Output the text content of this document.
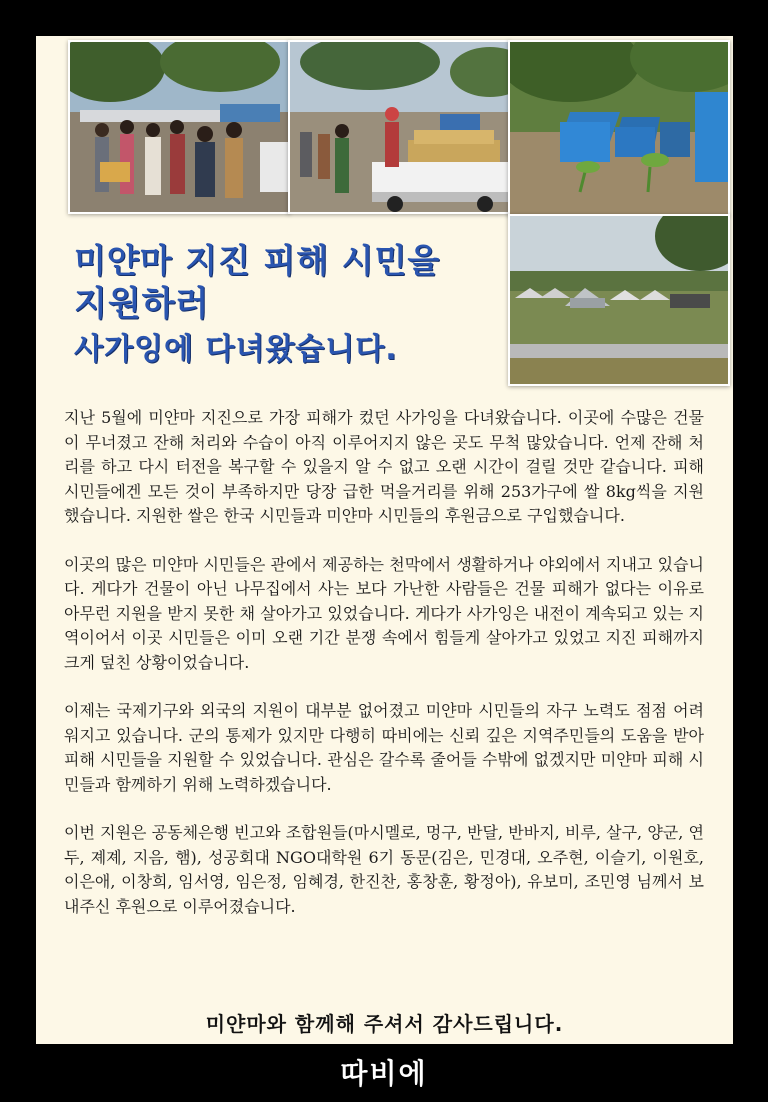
미얀마 지진 피해 시민을
지원하러
사가잉에 다녀왔습니다.

지난 5월에 미얀마 지진으로 가장 피해가 컸던 사가잉을 다녀왔습니다. 이곳에 수많은 건물이 무너졌고 잔해 처리와 수습이 아직 이루어지지 않은 곳도 무척 많았습니다. 언제 잔해 처리를 하고 다시 터전을 복구할 수 있을지 알 수 없고 오랜 시간이 걸릴 것만 같습니다. 피해 시민들에겐 모든 것이 부족하지만 당장 급한 먹을거리를 위해 253가구에 쌀 8kg씩을 지원했습니다. 지원한 쌀은 한국 시민들과 미얀마 시민들의 후원금으로 구입했습니다.

이곳의 많은 미얀마 시민들은 관에서 제공하는 천막에서 생활하거나 야외에서 지내고 있습니다. 게다가 건물이 아닌 나무집에서 사는 보다 가난한 사람들은 건물 피해가 없다는 이유로 아무런 지원을 받지 못한 채 살아가고 있었습니다. 게다가 사가잉은 내전이 계속되고 있는 지역이어서 이곳 시민들은 이미 오랜 기간 분쟁 속에서 힘들게 살아가고 있었고 지진 피해까지 크게 덮친 상황이었습니다.

이제는 국제기구와 외국의 지원이 대부분 없어졌고 미얀마 시민들의 자구 노력도 점점 어려워지고 있습니다. 군의 통제가 있지만 다행히 따비에는 신뢰 깊은 지역주민들의 도움을 받아 피해 시민들을 지원할 수 있었습니다. 관심은 갈수록 줄어들 수밖에 없겠지만 미얀마 피해 시민들과 함께하기 위해 노력하겠습니다.

이번 지원은 공동체은행 빈고와 조합원들(마시멜로, 멍구, 반달, 반바지, 비루, 살구, 양군, 연두, 졔졔, 지음, 햄), 성공회대 NGO대학원 6기 동문(김은, 민경대, 오주현, 이슬기, 이원호, 이은애, 이창희, 임서영, 임은정, 임혜경, 한진찬, 홍창훈, 황정아), 유보미, 조민영 님께서 보내주신 후원으로 이루어졌습니다.

미얀마와 함께해 주셔서 감사드립니다.
따비에
